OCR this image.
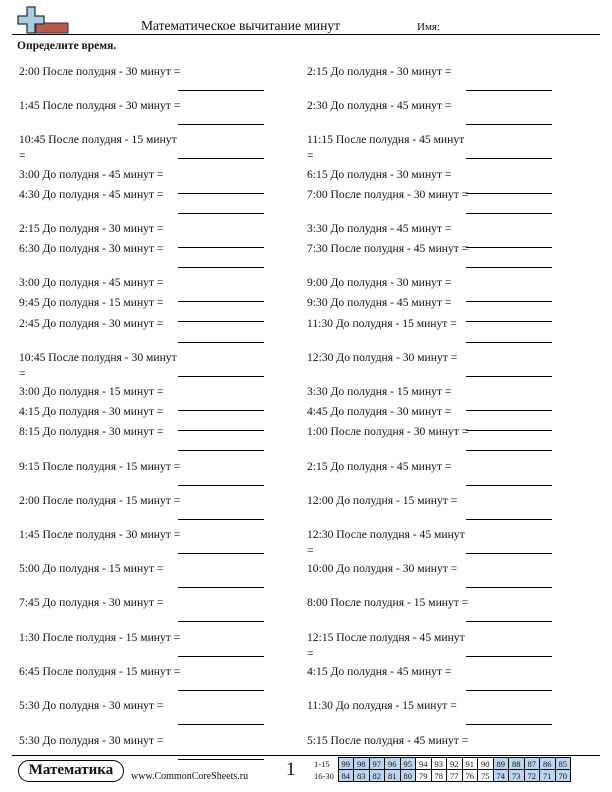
Математическое вычитание минут	Имя:
Определите время.
2:00 После полудня - 30 минут =
1:45 После полудня - 30 минут =
10:45 После полудня - 15 минут =
3:00 До полудня - 45 минут =
4:30 До полудня - 45 минут =
2:15 До полудня - 30 минут =
6:30 До полудня - 30 минут =
3:00 До полудня - 45 минут =
9:45 До полудня - 15 минут =
2:45 До полудня - 30 минут =
10:45 После полудня - 30 минут =
3:00 До полудня - 15 минут =
4:15 До полудня - 30 минут =
8:15 До полудня - 30 минут =
9:15 После полудня - 15 минут =
2:00 После полудня - 15 минут =
1:45 После полудня - 30 минут =
5:00 До полудня - 15 минут =
7:45 До полудня - 30 минут =
1:30 После полудня - 15 минут =
6:45 После полудня - 15 минут =
5:30 До полудня - 30 минут =
5:30 До полудня - 30 минут =
2:15 До полудня - 30 минут =
2:30 До полудня - 45 минут =
11:15 После полудня - 45 минут =
6:15 До полудня - 30 минут =
7:00 После полудня - 30 минут =
3:30 До полудня - 45 минут =
7:30 После полудня - 45 минут =
9:00 До полудня - 30 минут =
9:30 До полудня - 45 минут =
11:30 До полудня - 15 минут =
12:30 До полудня - 30 минут =
3:30 До полудня - 15 минут =
4:45 До полудня - 30 минут =
1:00 После полудня - 30 минут =
2:15 До полудня - 45 минут =
12:00 До полудня - 15 минут =
12:30 После полудня - 45 минут =
10:00 До полудня - 30 минут =
8:00 После полудня - 15 минут =
12:15 После полудня - 45 минут =
4:15 До полудня - 45 минут =
11:30 До полудня - 15 минут =
5:15 После полудня - 45 минут =
Математика	www.CommonCoreSheets.ru 1 1-15	99	98	97	96	95	94	93	92	91	90	89	88	87	86	85
16-30	84	83	82	81	80	79	78	77	76	75	74	73	72	71	70
